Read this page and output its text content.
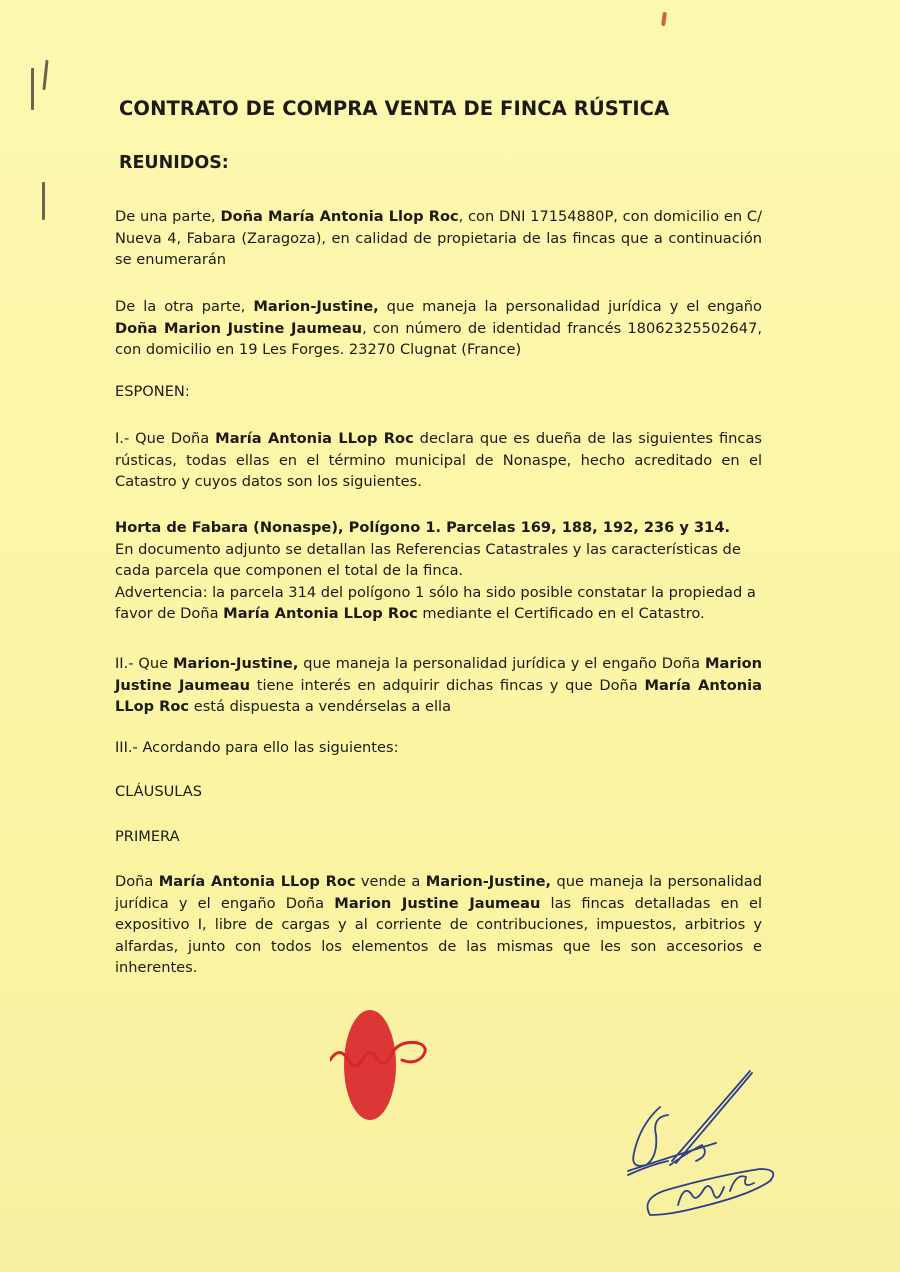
CONTRATO DE COMPRA VENTA DE FINCA RÚSTICA
REUNIDOS:
De una parte, Doña María Antonia Llop Roc, con DNI 17154880P, con domicilio en C/ Nueva 4, Fabara (Zaragoza), en calidad de propietaria de las fincas que a continuación se enumerarán
De la otra parte, Marion-Justine, que maneja la personalidad jurídica y el engaño Doña Marion Justine Jaumeau, con número de identidad francés 18062325502647, con domicilio en 19 Les Forges. 23270 Clugnat (France)
ESPONEN:
I.- Que Doña María Antonia LLop Roc declara que es dueña de las siguientes fincas rústicas, todas ellas en el término municipal de Nonaspe, hecho acreditado en el Catastro y cuyos datos son los siguientes.
Horta de Fabara (Nonaspe), Polígono 1. Parcelas 169, 188, 192, 236 y 314.
En documento adjunto se detallan las Referencias Catastrales y las características de cada parcela que componen el total de la finca.
Advertencia: la parcela 314 del polígono 1 sólo ha sido posible constatar la propiedad a favor de Doña María Antonia LLop Roc mediante el Certificado en el Catastro.
II.- Que Marion-Justine, que maneja la personalidad jurídica y el engaño Doña Marion Justine Jaumeau tiene interés en adquirir dichas fincas y que Doña María Antonia LLop Roc está dispuesta a vendérselas a ella
III.- Acordando para ello las siguientes:
CLÁUSULAS
PRIMERA
Doña María Antonia LLop Roc vende a Marion-Justine, que maneja la personalidad jurídica y el engaño Doña Marion Justine Jaumeau las fincas detalladas en el expositivo I, libre de cargas y al corriente de contribuciones, impuestos, arbitrios y alfardas, junto con todos los elementos de las mismas que les son accesorios e inherentes.
